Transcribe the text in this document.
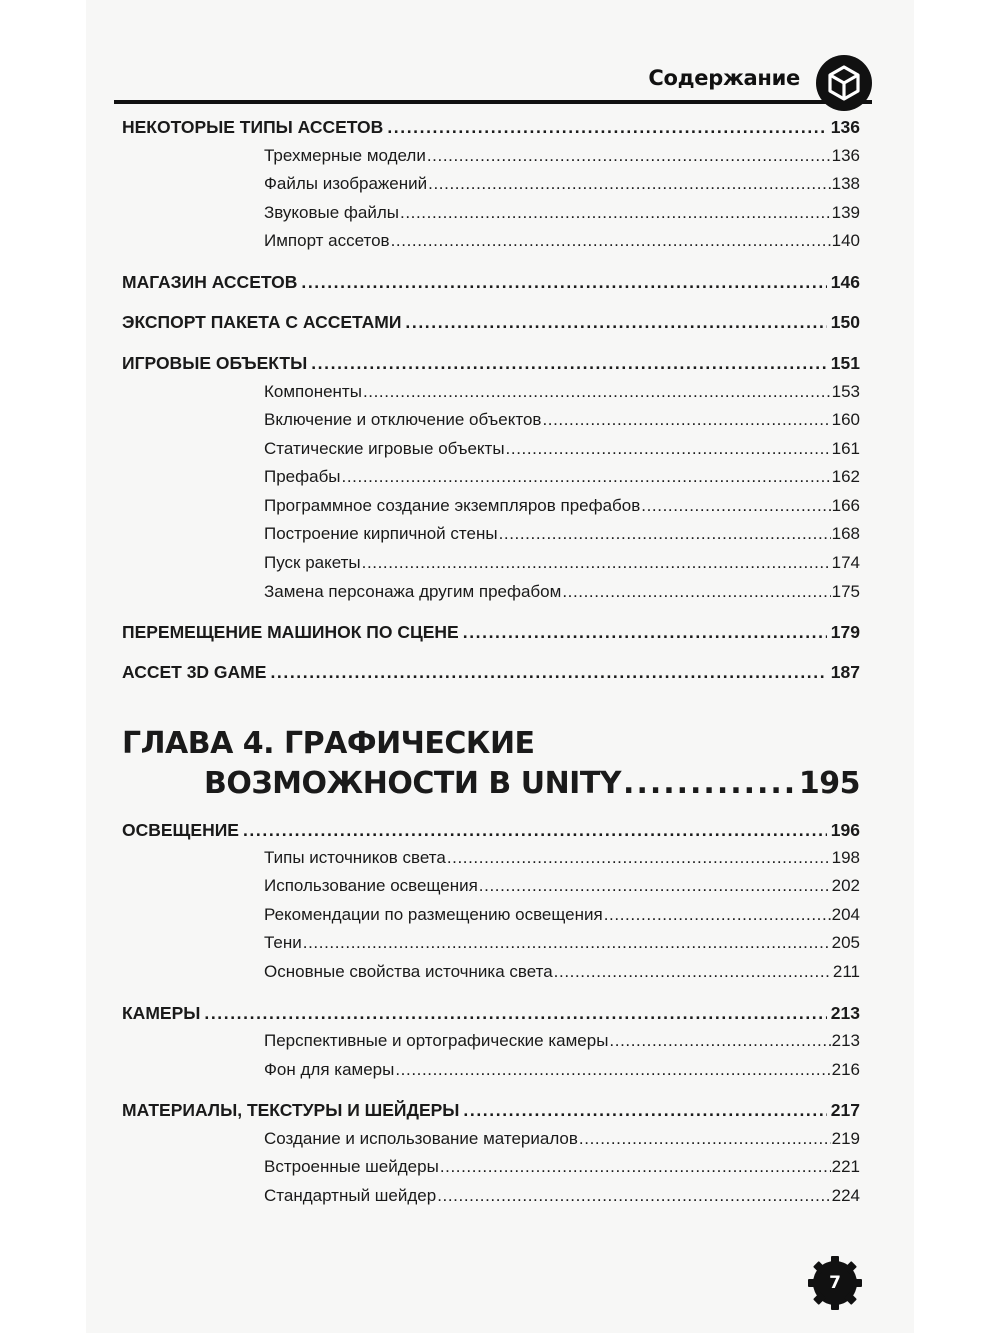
Содержание
НЕКОТОРЫЕ ТИПЫ АССЕТОВ .....	136
Трехмерные модели .....	136
Файлы изображений .....	138
Звуковые файлы .....	139
Импорт ассетов .....	140
МАГАЗИН АССЕТОВ .....	146
ЭКСПОРТ ПАКЕТА С АССЕТАМИ .....	150
ИГРОВЫЕ ОБЪЕКТЫ .....	151
Компоненты .....	153
Включение и отключение объектов .....	160
Статические игровые объекты .....	161
Префабы .....	162
Программное создание экземпляров префабов .....	166
Построение кирпичной стены .....	168
Пуск ракеты .....	174
Замена персонажа другим префабом .....	175
ПЕРЕМЕЩЕНИЕ МАШИНОК ПО СЦЕНЕ .....	179
АССЕТ 3D GAME .....	187
ГЛАВА 4. ГРАФИЧЕСКИЕ
ВОЗМОЖНОСТИ В UNITY .....	195
ОСВЕЩЕНИЕ .....	196
Типы источников света .....	198
Использование освещения .....	202
Рекомендации по размещению освещения .....	204
Тени .....	205
Основные свойства источника света .....	211
КАМЕРЫ .....	213
Перспективные и ортографические камеры .....	213
Фон для камеры .....	216
МАТЕРИАЛЫ, ТЕКСТУРЫ И ШЕЙДЕРЫ .....	217
Создание и использование материалов .....	219
Встроенные шейдеры .....	221
Стандартный шейдер .....	224
7
